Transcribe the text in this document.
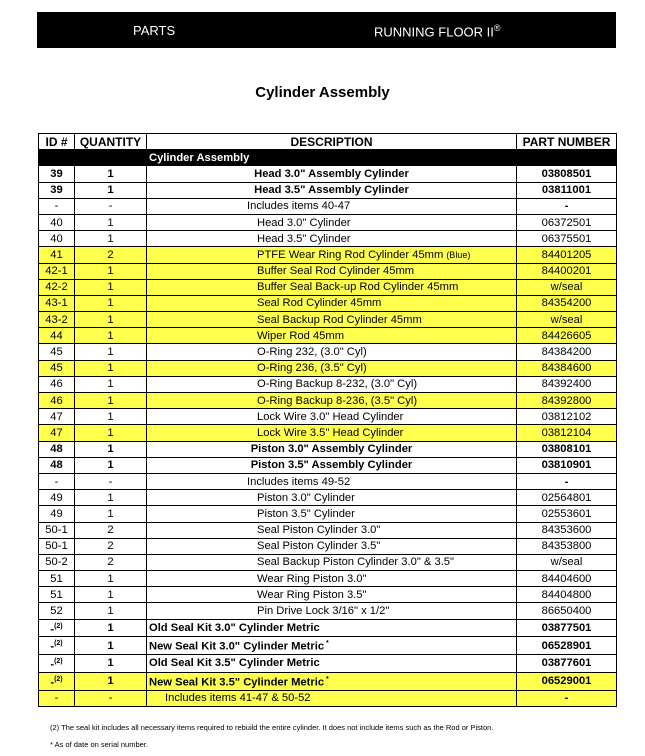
PARTS	RUNNING FLOOR II®
Cylinder Assembly
ID #	QUANTITY	DESCRIPTION	PART NUMBER
		Cylinder Assembly	
39	1	Head 3.0" Assembly Cylinder	03808501
39	1	Head 3.5" Assembly Cylinder	03811001
-	-	Includes items 40-47	-
40	1	Head 3.0" Cylinder	06372501
40	1	Head 3.5" Cylinder	06375501
41	2	PTFE Wear Ring Rod Cylinder 45mm (Blue)	84401205
42-1	1	Buffer Seal Rod Cylinder 45mm	84400201
42-2	1	Buffer Seal Back-up Rod Cylinder 45mm	w/seal
43-1	1	Seal Rod Cylinder 45mm	84354200
43-2	1	Seal Backup Rod Cylinder 45mm	w/seal
44	1	Wiper Rod 45mm	84426605
45	1	O-Ring 232, (3.0" Cyl)	84384200
45	1	O-Ring 236, (3.5" Cyl)	84384600
46	1	O-Ring Backup 8-232, (3.0" Cyl)	84392400
46	1	O-Ring Backup 8-236, (3.5" Cyl)	84392800
47	1	Lock Wire 3.0" Head Cylinder	03812102
47	1	Lock Wire 3.5" Head Cylinder	03812104
48	1	Piston 3.0" Assembly Cylinder	03808101
48	1	Piston 3.5" Assembly Cylinder	03810901
-	-	Includes items 49-52	-
49	1	Piston 3.0" Cylinder	02564801
49	1	Piston 3.5" Cylinder	02553601
50-1	2	Seal Piston Cylinder 3.0"	84353600
50-1	2	Seal Piston Cylinder 3.5"	84353800
50-2	2	Seal Backup Piston Cylinder 3.0" & 3.5"	w/seal
51	1	Wear Ring Piston 3.0"	84404600
51	1	Wear Ring Piston 3.5"	84404800
52	1	Pin Drive Lock 3/16" x 1/2"	86650400
-$^{(2)}$	1	Old Seal Kit 3.0" Cylinder Metric	03877501
-$^{(2)}$	1	New Seal Kit 3.0" Cylinder Metric *	06528901
-$^{(2)}$	1	Old Seal Kit 3.5" Cylinder Metric	03877601
-$^{(2)}$	1	New Seal Kit 3.5" Cylinder Metric *	06529001
-	-	Includes items 41-47 & 50-52	-
(2) The seal kit includes all necessary items required to rebuild the entire cylinder. It does not include items such as the Rod or Piston.
* As of date on serial number.
